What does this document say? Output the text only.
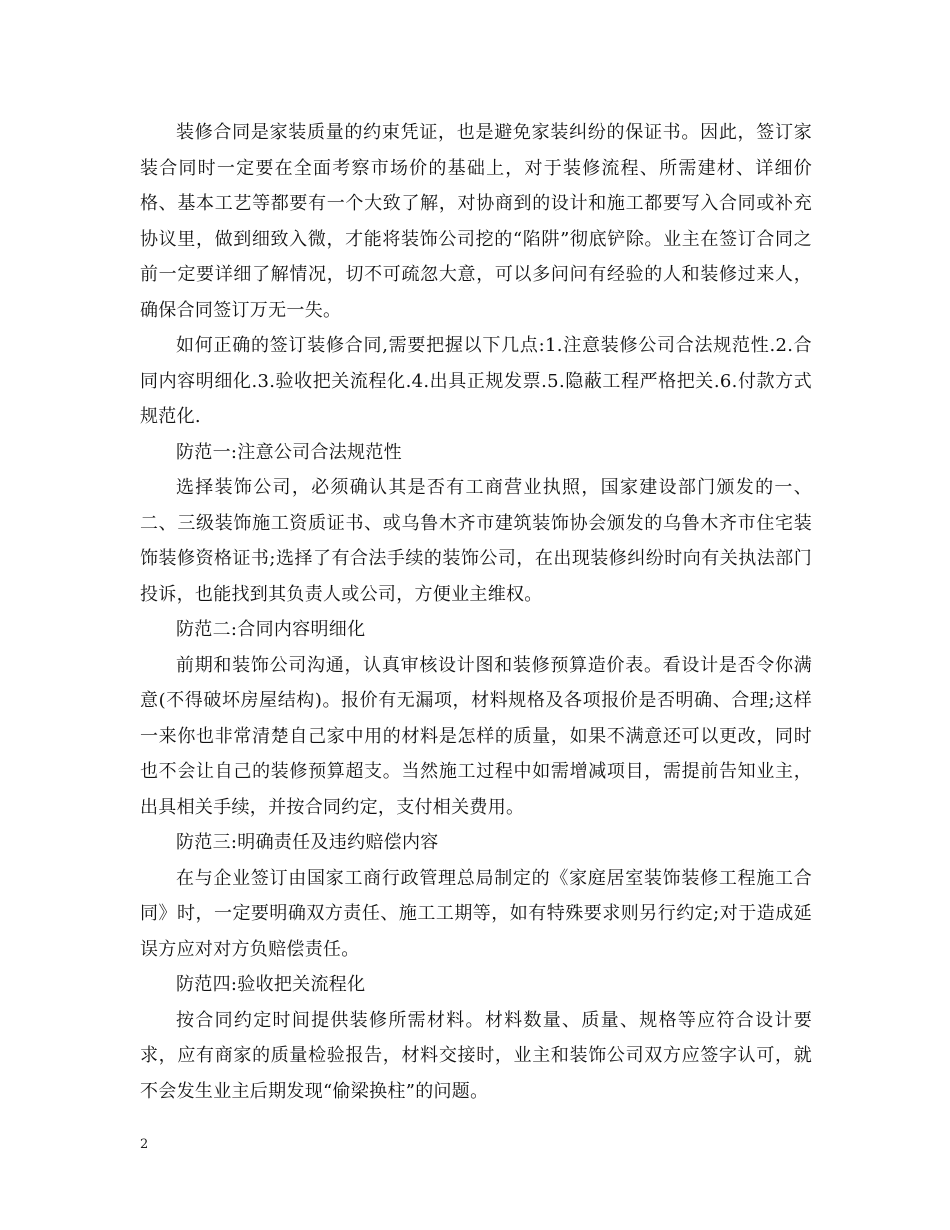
装修合同是家装质量的约束凭证，也是避免家装纠纷的保证书。因此，签订家装合同时一定要在全面考察市场价的基础上，对于装修流程、所需建材、详细价格、基本工艺等都要有一个大致了解，对协商到的设计和施工都要写入合同或补充协议里，做到细致入微，才能将装饰公司挖的“陷阱”彻底铲除。业主在签订合同之前一定要详细了解情况，切不可疏忽大意，可以多问问有经验的人和装修过来人，确保合同签订万无一失。

如何正确的签订装修合同,需要把握以下几点:1.注意装修公司合法规范性.2.合同内容明细化.3.验收把关流程化.4.出具正规发票.5.隐蔽工程严格把关.6.付款方式规范化.

防范一:注意公司合法规范性

选择装饰公司，必须确认其是否有工商营业执照，国家建设部门颁发的一、二、三级装饰施工资质证书、或乌鲁木齐市建筑装饰协会颁发的乌鲁木齐市住宅装饰装修资格证书;选择了有合法手续的装饰公司，在出现装修纠纷时向有关执法部门投诉，也能找到其负责人或公司，方便业主维权。

防范二:合同内容明细化

前期和装饰公司沟通，认真审核设计图和装修预算造价表。看设计是否令你满意(不得破坏房屋结构)。报价有无漏项，材料规格及各项报价是否明确、合理;这样一来你也非常清楚自己家中用的材料是怎样的质量，如果不满意还可以更改，同时也不会让自己的装修预算超支。当然施工过程中如需增减项目，需提前告知业主，出具相关手续，并按合同约定，支付相关费用。

防范三:明确责任及违约赔偿内容

在与企业签订由国家工商行政管理总局制定的《家庭居室装饰装修工程施工合同》时，一定要明确双方责任、施工工期等，如有特殊要求则另行约定;对于造成延误方应对对方负赔偿责任。

防范四:验收把关流程化

按合同约定时间提供装修所需材料。材料数量、质量、规格等应符合设计要求，应有商家的质量检验报告，材料交接时，业主和装饰公司双方应签字认可，就不会发生业主后期发现“偷梁换柱”的问题。

2
